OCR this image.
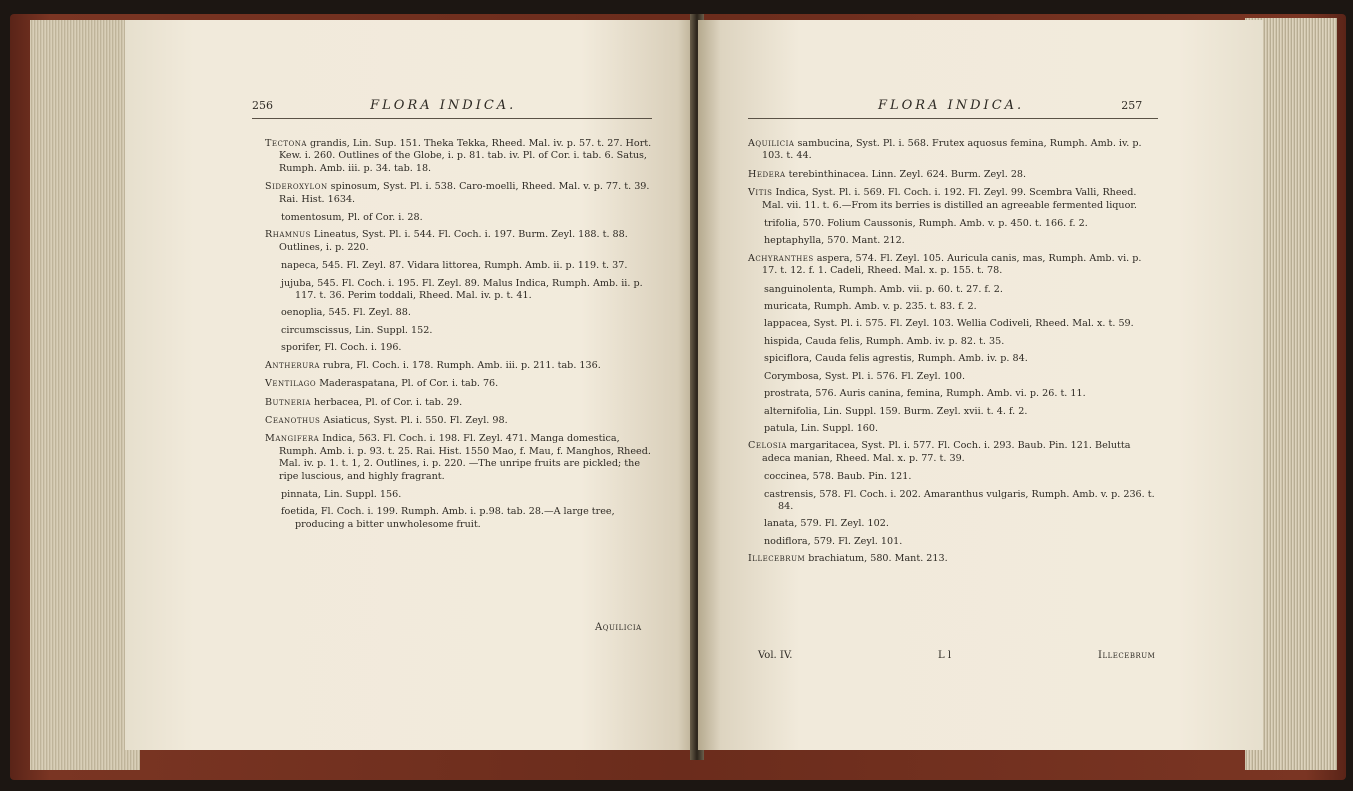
256	FLORA INDICA.

Tectona grandis, Lin. Sup. 151. Theka Tekka, Rheed. Mal. iv. p. 57. t. 27. Hort. Kew. i. 260. Outlines of the Globe, i. p. 81. tab. iv. Pl. of Cor. i. tab. 6. Satus, Rumph. Amb. iii. p. 34. tab. 18.

Sideroxylon spinosum, Syst. Pl. i. 538. Caro-moelli, Rheed. Mal. v. p. 77. t. 39. Rai. Hist. 1634.

tomentosum, Pl. of Cor. i. 28.

Rhamnus Lineatus, Syst. Pl. i. 544. Fl. Coch. i. 197. Burm. Zeyl. 188. t. 88. Outlines, i. p. 220.

napeca, 545. Fl. Zeyl. 87. Vidara littorea, Rumph. Amb. ii. p. 119. t. 37.

jujuba, 545. Fl. Coch. i. 195. Fl. Zeyl. 89. Malus Indica, Rumph. Amb. ii. p. 117. t. 36. Perim toddali, Rheed. Mal. iv. p. t. 41.

oenoplia, 545. Fl. Zeyl. 88.

circumscissus, Lin. Suppl. 152.

sporifer, Fl. Coch. i. 196.

Antherura rubra, Fl. Coch. i. 178. Rumph. Amb. iii. p. 211. tab. 136.

Ventilago Maderaspatana, Pl. of Cor. i. tab. 76.

Butneria herbacea, Pl. of Cor. i. tab. 29.

Ceanothus Asiaticus, Syst. Pl. i. 550. Fl. Zeyl. 98.

Mangifera Indica, 563. Fl. Coch. i. 198. Fl. Zeyl. 471. Manga domestica, Rumph. Amb. i. p. 93. t. 25. Rai. Hist. 1550 Mao, f. Mau, f. Manghos, Rheed. Mal. iv. p. 1. t. 1, 2. Outlines, i. p. 220. —The unripe fruits are pickled; the ripe luscious, and highly fragrant.

pinnata, Lin. Suppl. 156.

foetida, Fl. Coch. i. 199. Rumph. Amb. i. p.98. tab. 28.—A large tree, producing a bitter unwholesome fruit.

Aquilicia
FLORA INDICA.	257

Aquilicia sambucina, Syst. Pl. i. 568. Frutex aquosus femina, Rumph. Amb. iv. p. 103. t. 44.

Hedera terebinthinacea. Linn. Zeyl. 624. Burm. Zeyl. 28.

Vitis Indica, Syst. Pl. i. 569. Fl. Coch. i. 192. Fl. Zeyl. 99. Scembra Valli, Rheed. Mal. vii. 11. t. 6.—From its berries is distilled an agreeable fermented liquor.

trifolia, 570. Folium Caussonis, Rumph. Amb. v. p. 450. t. 166. f. 2.

heptaphylla, 570. Mant. 212.

Achyranthes aspera, 574. Fl. Zeyl. 105. Auricula canis, mas, Rumph. Amb. vi. p. 17. t. 12. f. 1. Cadeli, Rheed. Mal. x. p. 155. t. 78.

sanguinolenta, Rumph. Amb. vii. p. 60. t. 27. f. 2.

muricata, Rumph. Amb. v. p. 235. t. 83. f. 2.

lappacea, Syst. Pl. i. 575. Fl. Zeyl. 103. Wellia Codiveli, Rheed. Mal. x. t. 59.

hispida, Cauda felis, Rumph. Amb. iv. p. 82. t. 35.

spiciflora, Cauda felis agrestis, Rumph. Amb. iv. p. 84.

Corymbosa, Syst. Pl. i. 576. Fl. Zeyl. 100.

prostrata, 576. Auris canina, femina, Rumph. Amb. vi. p. 26. t. 11.

alternifolia, Lin. Suppl. 159. Burm. Zeyl. xvii. t. 4. f. 2.

patula, Lin. Suppl. 160.

Celosia margaritacea, Syst. Pl. i. 577. Fl. Coch. i. 293. Baub. Pin. 121. Belutta adeca manian, Rheed. Mal. x. p. 77. t. 39.

coccinea, 578. Baub. Pin. 121.

castrensis, 578. Fl. Coch. i. 202. Amaranthus vulgaris, Rumph. Amb. v. p. 236. t. 84.

lanata, 579. Fl. Zeyl. 102.

nodiflora, 579. Fl. Zeyl. 101.

Illecebrum brachiatum, 580. Mant. 213.

Vol. IV.	L l	Illecebrum
